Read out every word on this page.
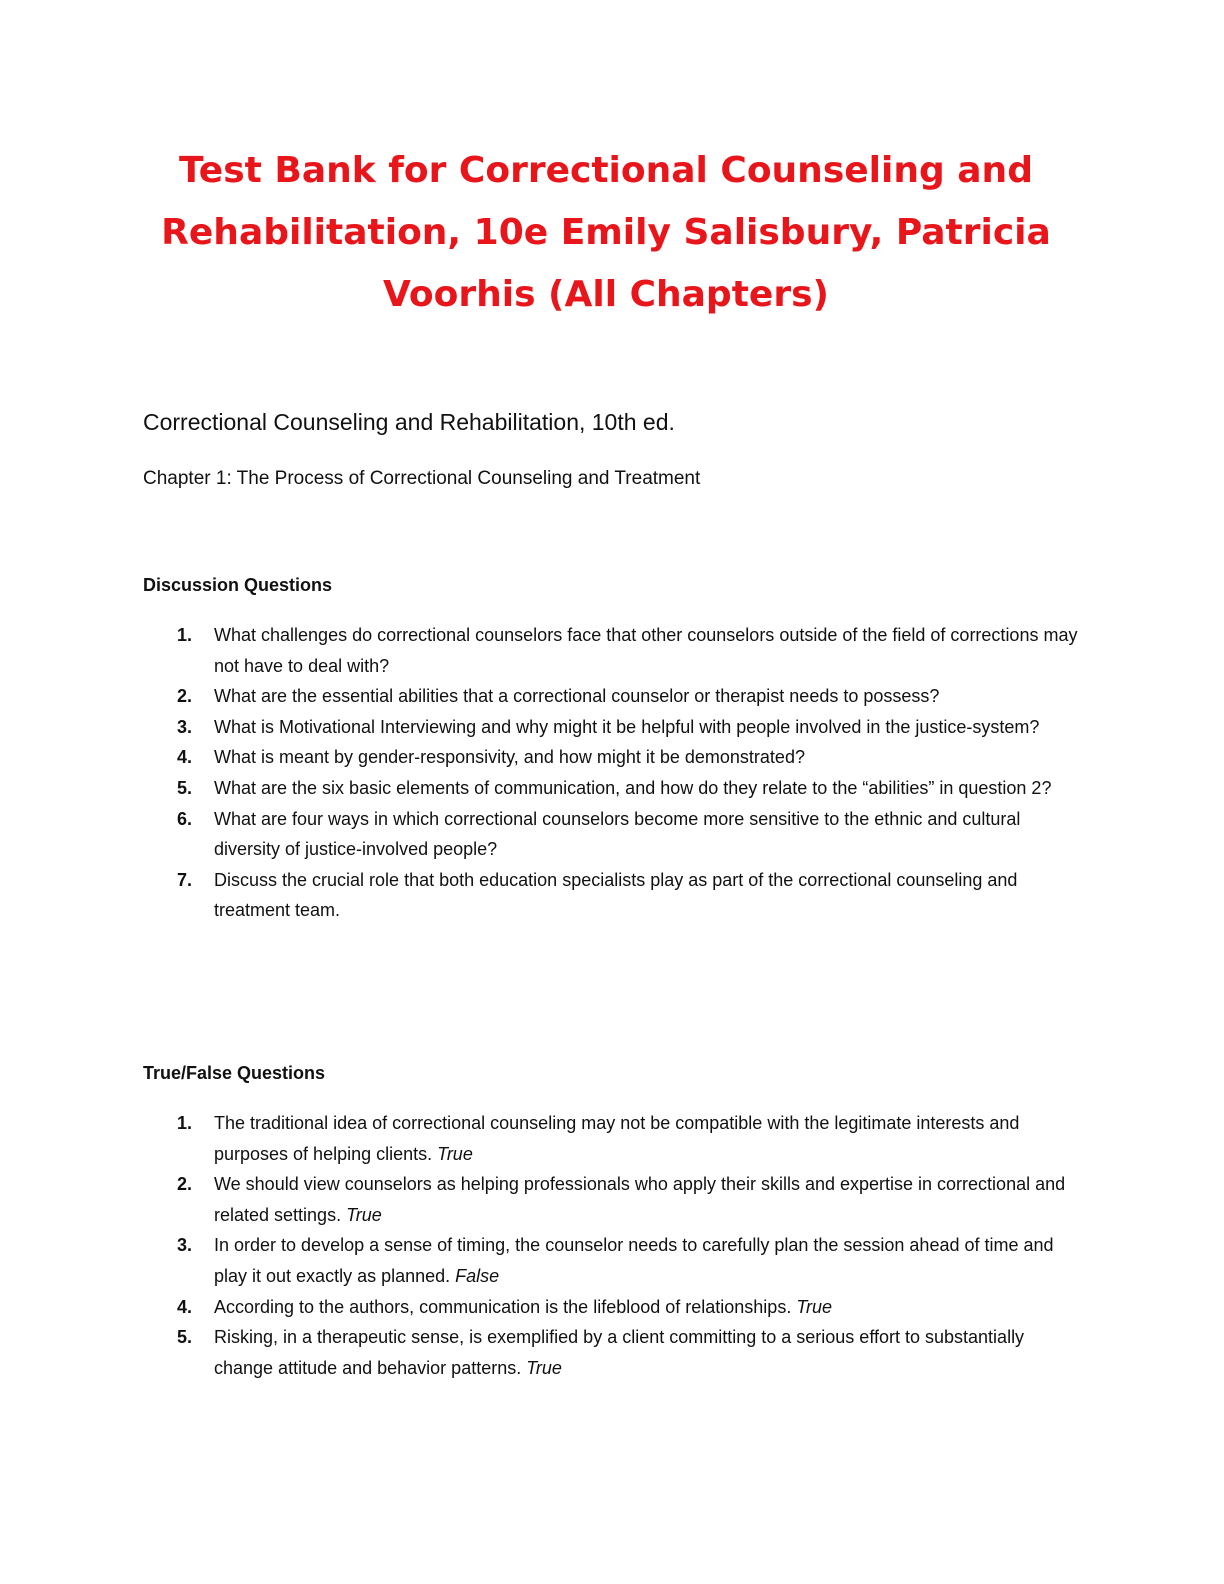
Test Bank for Correctional Counseling and Rehabilitation, 10e Emily Salisbury, Patricia Voorhis (All Chapters)

Correctional Counseling and Rehabilitation, 10th ed.

Chapter 1: The Process of Correctional Counseling and Treatment

Discussion Questions
1.	What challenges do correctional counselors face that other counselors outside of the field of corrections may not have to deal with?
2.	What are the essential abilities that a correctional counselor or therapist needs to possess?
3.	What is Motivational Interviewing and why might it be helpful with people involved in the justice-system?
4.	What is meant by gender-responsivity, and how might it be demonstrated?
5.	What are the six basic elements of communication, and how do they relate to the “abilities” in question 2?
6.	What are four ways in which correctional counselors become more sensitive to the ethnic and cultural diversity of justice-involved people?
7.	Discuss the crucial role that both education specialists play as part of the correctional counseling and treatment team.
True/False Questions
1.	The traditional idea of correctional counseling may not be compatible with the legitimate interests and purposes of helping clients. True
2.	We should view counselors as helping professionals who apply their skills and expertise in correctional and related settings. True
3.	In order to develop a sense of timing, the counselor needs to carefully plan the session ahead of time and play it out exactly as planned. False
4.	According to the authors, communication is the lifeblood of relationships. True
5.	Risking, in a therapeutic sense, is exemplified by a client committing to a serious effort to substantially change attitude and behavior patterns. True
